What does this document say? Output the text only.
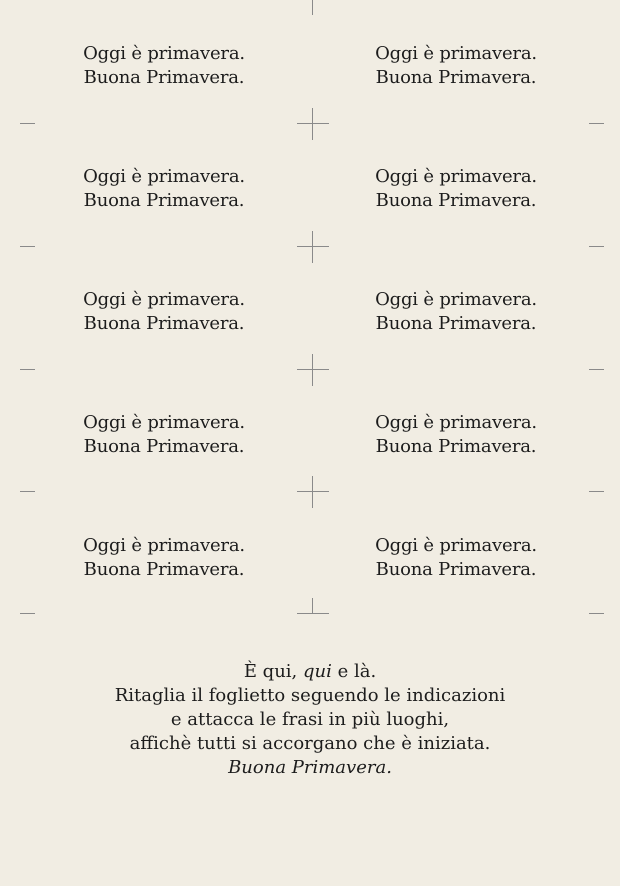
Oggi è primavera.
Buona Primavera.
Oggi è primavera.
Buona Primavera.
Oggi è primavera.
Buona Primavera.
Oggi è primavera.
Buona Primavera.
Oggi è primavera.
Buona Primavera.
Oggi è primavera.
Buona Primavera.
Oggi è primavera.
Buona Primavera.
Oggi è primavera.
Buona Primavera.
Oggi è primavera.
Buona Primavera.
Oggi è primavera.
Buona Primavera.
È qui, qui e là.
Ritaglia il foglietto seguendo le indicazioni
e attacca le frasi in più luoghi,
affichè tutti si accorgano che è iniziata.
Buona Primavera.
